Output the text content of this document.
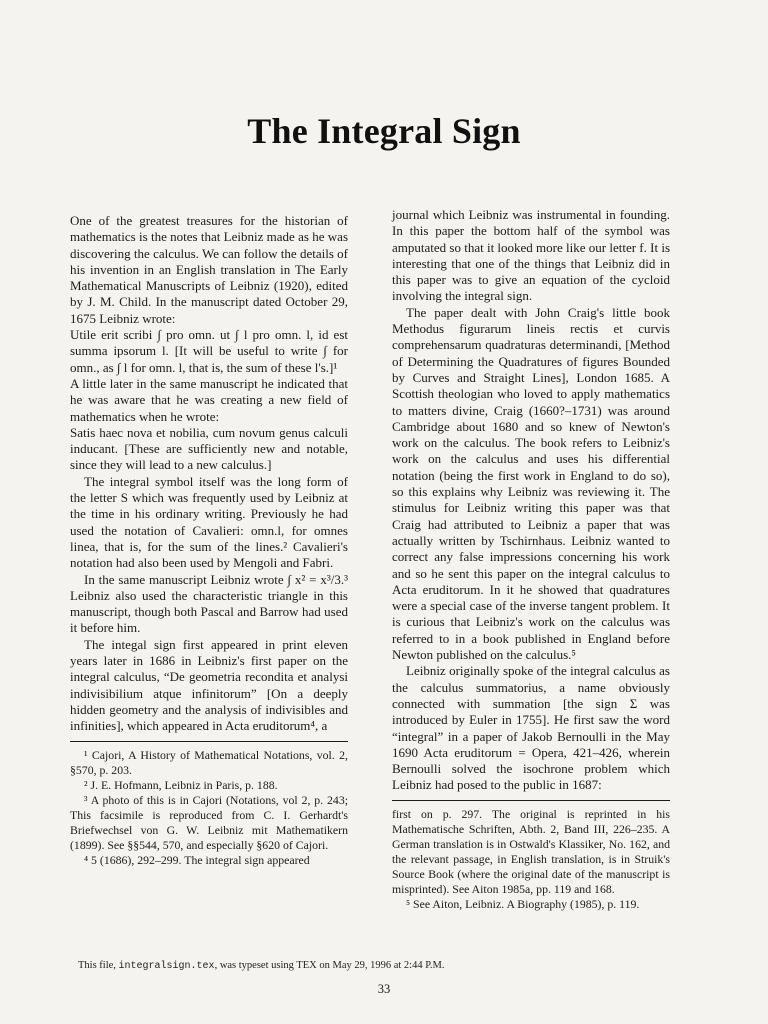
The Integral Sign

One of the greatest treasures for the historian of mathematics is the notes that Leibniz made as he was discovering the calculus. We can follow the details of his invention in an English translation in The Early Mathematical Manuscripts of Leibniz (1920), edited by J. M. Child. In the manuscript dated October 29, 1675 Leibniz wrote:

Utile erit scribi ∫ pro omn. ut ∫ l pro omn. l, id est summa ipsorum l. [It will be useful to write ∫ for omn., as ∫ l for omn. l, that is, the sum of these l's.]¹

A little later in the same manuscript he indicated that he was aware that he was creating a new field of mathematics when he wrote:

Satis haec nova et nobilia, cum novum genus calculi inducant. [These are sufficiently new and notable, since they will lead to a new calculus.]

The integral symbol itself was the long form of the letter S which was frequently used by Leibniz at the time in his ordinary writing. Previously he had used the notation of Cavalieri: omn.l, for omnes linea, that is, for the sum of the lines.² Cavalieri's notation had also been used by Mengoli and Fabri.

In the same manuscript Leibniz wrote ∫ x² = x³/3.³ Leibniz also used the characteristic triangle in this manuscript, though both Pascal and Barrow had used it before him.

The integal sign first appeared in print eleven years later in 1686 in Leibniz's first paper on the integral calculus, “De geometria recondita et analysi indivisibilium atque infinitorum” [On a deeply hidden geometry and the analysis of indivisibles and infinities], which appeared in Acta eruditorum⁴, a

¹ Cajori, A History of Mathematical Notations, vol. 2, §570, p. 203.

² J. E. Hofmann, Leibniz in Paris, p. 188.

³ A photo of this is in Cajori (Notations, vol 2, p. 243; This facsimile is reproduced from C. I. Gerhardt's Briefwechsel von G. W. Leibniz mit Mathematikern (1899). See §§544, 570, and especially §620 of Cajori.

⁴ 5 (1686), 292–299. The integral sign appeared

journal which Leibniz was instrumental in founding. In this paper the bottom half of the symbol was amputated so that it looked more like our letter f. It is interesting that one of the things that Leibniz did in this paper was to give an equation of the cycloid involving the integral sign.

The paper dealt with John Craig's little book Methodus figurarum lineis rectis et curvis comprehensarum quadraturas determinandi, [Method of Determining the Quadratures of figures Bounded by Curves and Straight Lines], London 1685. A Scottish theologian who loved to apply mathematics to matters divine, Craig (1660?–1731) was around Cambridge about 1680 and so knew of Newton's work on the calculus. The book refers to Leibniz's work on the calculus and uses his differential notation (being the first work in England to do so), so this explains why Leibniz was reviewing it. The stimulus for Leibniz writing this paper was that Craig had attributed to Leibniz a paper that was actually written by Tschirnhaus. Leibniz wanted to correct any false impressions concerning his work and so he sent this paper on the integral calculus to Acta eruditorum. In it he showed that quadratures were a special case of the inverse tangent problem. It is curious that Leibniz's work on the calculus was referred to in a book published in England before Newton published on the calculus.⁵

Leibniz originally spoke of the integral calculus as the calculus summatorius, a name obviously connected with summation [the sign Σ was introduced by Euler in 1755]. He first saw the word “integral” in a paper of Jakob Bernoulli in the May 1690 Acta eruditorum = Opera, 421–426, wherein Bernoulli solved the isochrone problem which Leibniz had posed to the public in 1687:

first on p. 297. The original is reprinted in his Mathematische Schriften, Abth. 2, Band III, 226–235. A German translation is in Ostwald's Klassiker, No. 162, and the relevant passage, in English translation, is in Struik's Source Book (where the original date of the manuscript is misprinted). See Aiton 1985a, pp. 119 and 168.

⁵ See Aiton, Leibniz. A Biography (1985), p. 119.

This file, integralsign.tex, was typeset using TEX on May 29, 1996 at 2:44 P.M.
33
